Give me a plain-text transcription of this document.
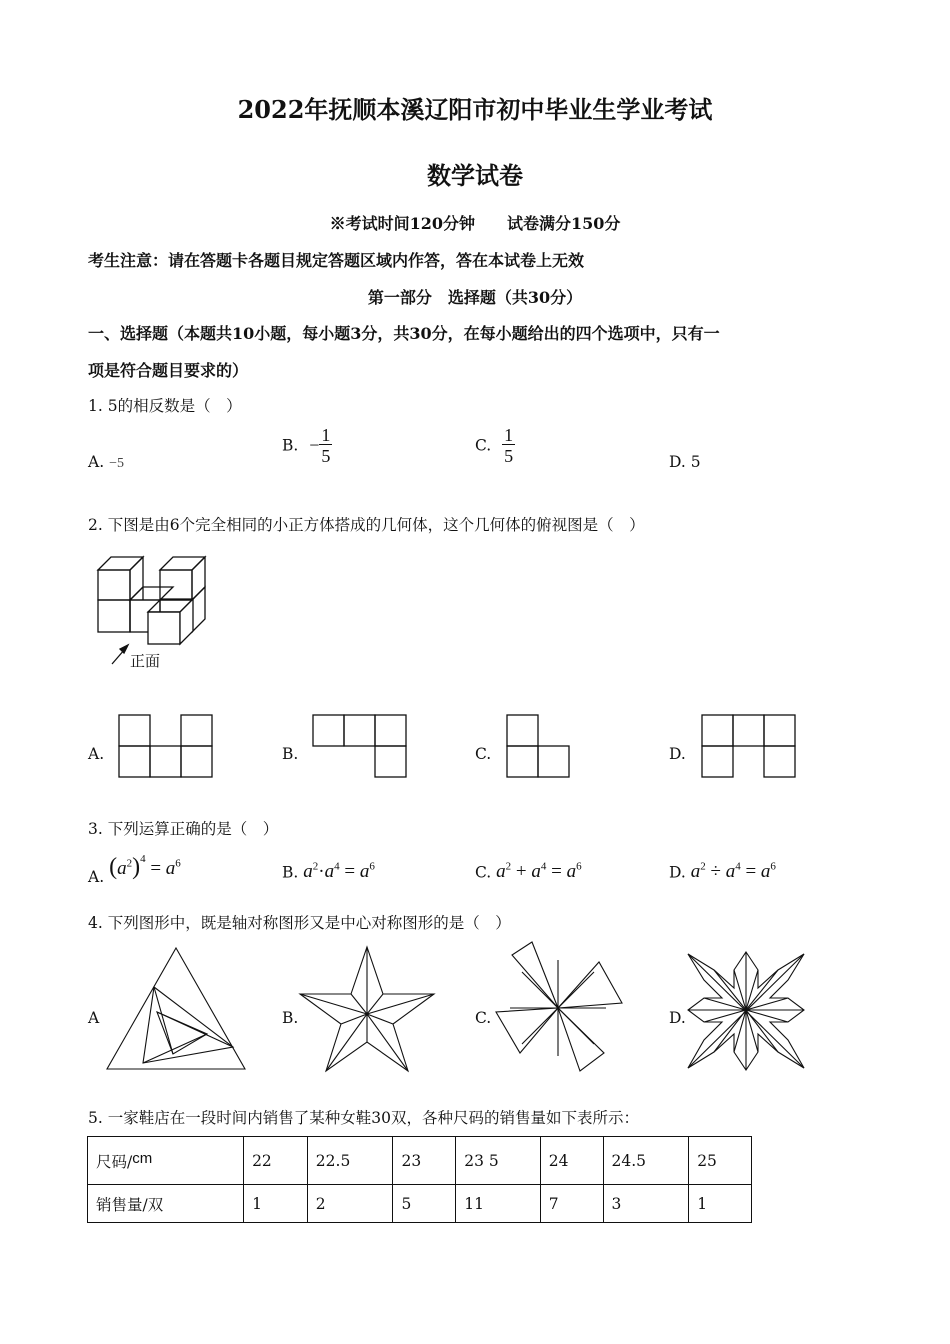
2022年抚顺本溪辽阳市初中毕业生学业考试
数学试卷
※考试时间120分钟　　试卷满分150分
考生注意：请在答题卡各题目规定答题区域内作答，答在本试卷上无效
第一部分　选择题（共30分）
一、选择题（本题共10小题，每小题3分，共30分，在每小题给出的四个选项中，只有一
项是符合题目要求的）
1. 5的相反数是（　）
A. −5
B. − $\frac{1}{5}$	C. $\frac{1}{5}$	D. 5
2. 下图是由6个完全相同的小正方体搭成的几何体，这个几何体的俯视图是（　）
正面
A.	B.	C.	D.
3. 下列运算正确的是（　）
A. $(a^2)^4 = a^6$	B. $a^2\cdot a^4 = a^6$	C. $a^2 + a^4 = a^6$	D. $a^2 \div a^4 = a^6$
4. 下列图形中，既是轴对称图形又是中心对称图形的是（　）
A	B.	C.	D.
5. 一家鞋店在一段时间内销售了某种女鞋30双，各种尺码的销售量如下表所示：
尺码/cm	22	22.5	23	23 5	24	24.5	25
销售量/双	1	2	5	11	7	3	1
